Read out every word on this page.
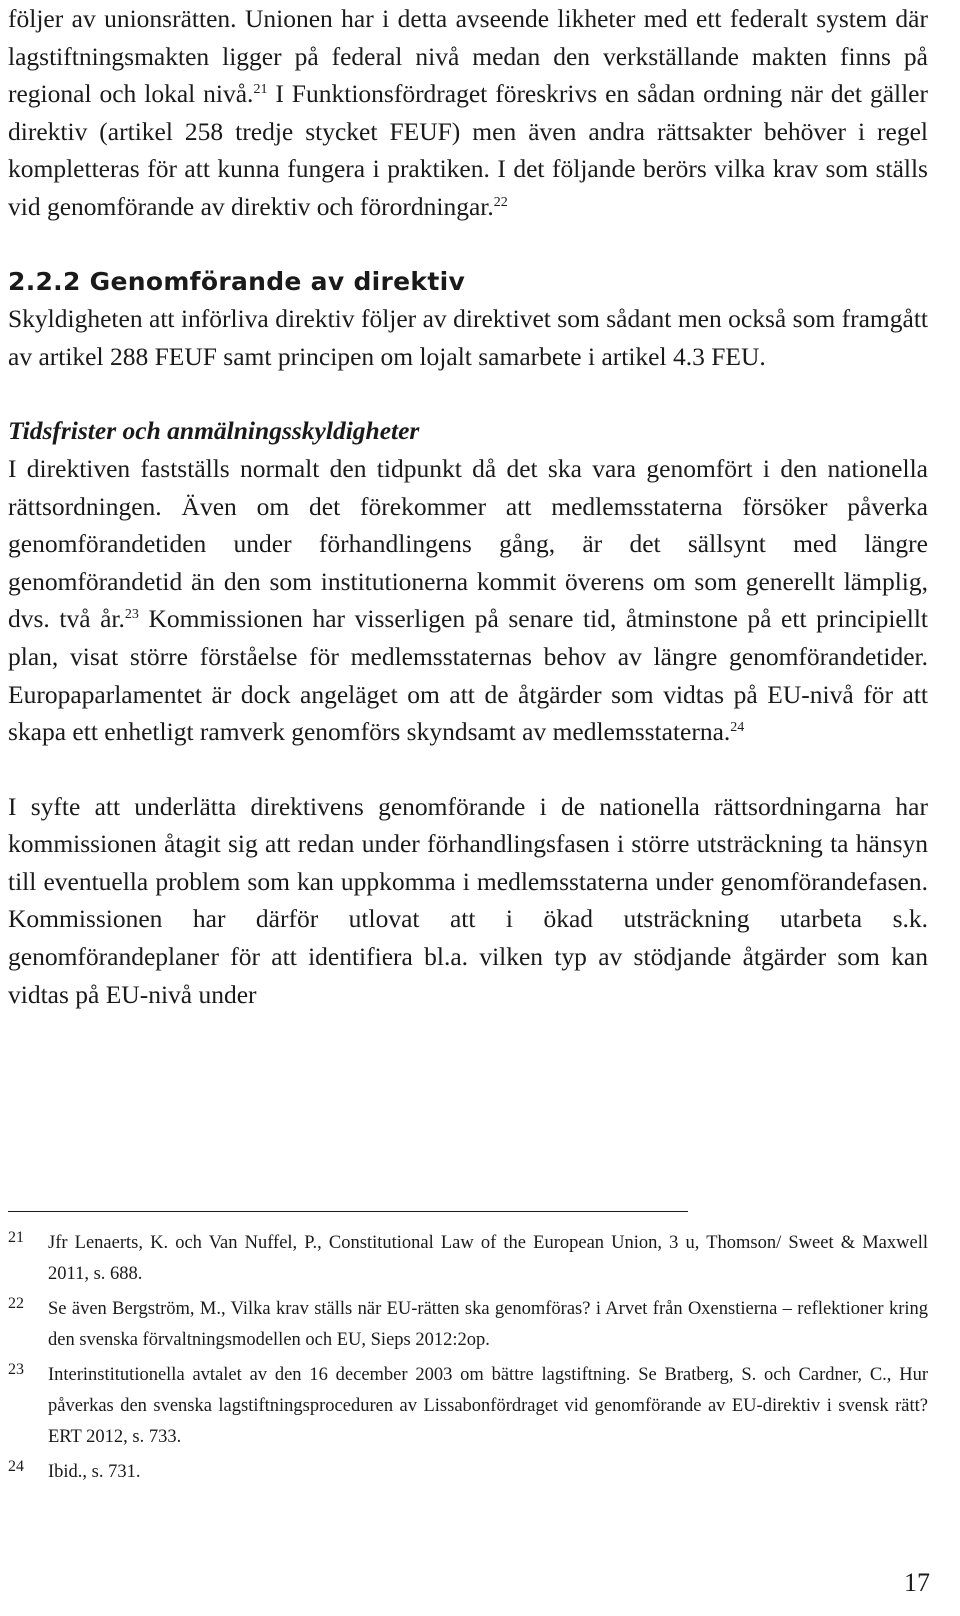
följer av unionsrätten. Unionen har i detta avseende likheter med ett federalt system där lagstiftningsmakten ligger på federal nivå medan den verkställande makten finns på regional och lokal nivå.$^{21}$ I Funktionsfördraget föreskrivs en sådan ordning när det gäller direktiv (artikel 258 tredje stycket FEUF) men även andra rättsakter behöver i regel kompletteras för att kunna fungera i praktiken. I det följande berörs vilka krav som ställs vid genomförande av direktiv och förordningar.$^{22}$

2.2.2 Genomförande av direktiv

Skyldigheten att införliva direktiv följer av direktivet som sådant men också som framgått av artikel 288 FEUF samt principen om lojalt samarbete i artikel 4.3 FEU.

Tidsfrister och anmälningsskyldigheter

I direktiven fastställs normalt den tidpunkt då det ska vara genomfört i den nationella rättsordningen. Även om det förekommer att medlemsstaterna försöker påverka genomförandetiden under förhandlingens gång, är det sällsynt med längre genomförandetid än den som institutionerna kommit överens om som generellt lämplig, dvs. två år.$^{23}$ Kommissionen har visserligen på senare tid, åtminstone på ett principiellt plan, visat större förståelse för medlemsstaternas behov av längre genomförandetider. Europaparlamentet är dock angeläget om att de åtgärder som vidtas på EU-nivå för att skapa ett enhetligt ramverk genomförs skyndsamt av medlemsstaterna.$^{24}$

I syfte att underlätta direktivens genomförande i de nationella rättsordningarna har kommissionen åtagit sig att redan under förhandlingsfasen i större utsträckning ta hänsyn till eventuella problem som kan uppkomma i medlemsstaterna under genomförandefasen. Kommissionen har därför utlovat att i ökad utsträckning utarbeta s.k. genomförandeplaner för att identifiera bl.a. vilken typ av stödjande åtgärder som kan vidtas på EU-nivå under

21 Jfr Lenaerts, K. och Van Nuffel, P., Constitutional Law of the European Union, 3 u, Thomson/ Sweet & Maxwell 2011, s. 688.

22 Se även Bergström, M., Vilka krav ställs när EU-rätten ska genomföras? i Arvet från Oxenstierna – reflektioner kring den svenska förvaltningsmodellen och EU, Sieps 2012:2op.

23 Interinstitutionella avtalet av den 16 december 2003 om bättre lagstiftning. Se Bratberg, S. och Cardner, C., Hur påverkas den svenska lagstiftningsproceduren av Lissabonfördraget vid genomförande av EU-direktiv i svensk rätt? ERT 2012, s. 733.

24 Ibid., s. 731.

17
